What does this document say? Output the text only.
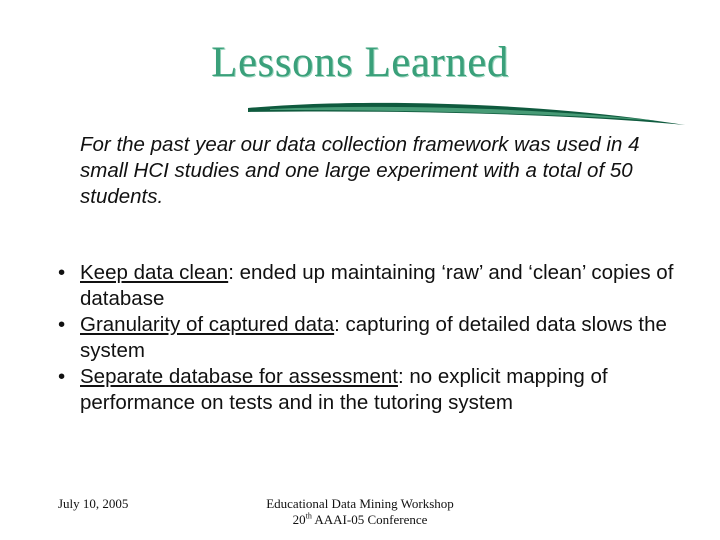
Lessons Learned
For the past year our data collection framework was used in 4 small HCI studies and one large experiment with a total of 50 students.
• Keep data clean: ended up maintaining ‘raw’ and ‘clean’ copies of database
• Granularity of captured data: capturing of detailed data slows the system
• Separate database for assessment: no explicit mapping of performance on tests and in the tutoring system
July 10, 2005	Educational Data Mining Workshop
20th AAAI-05 Conference
